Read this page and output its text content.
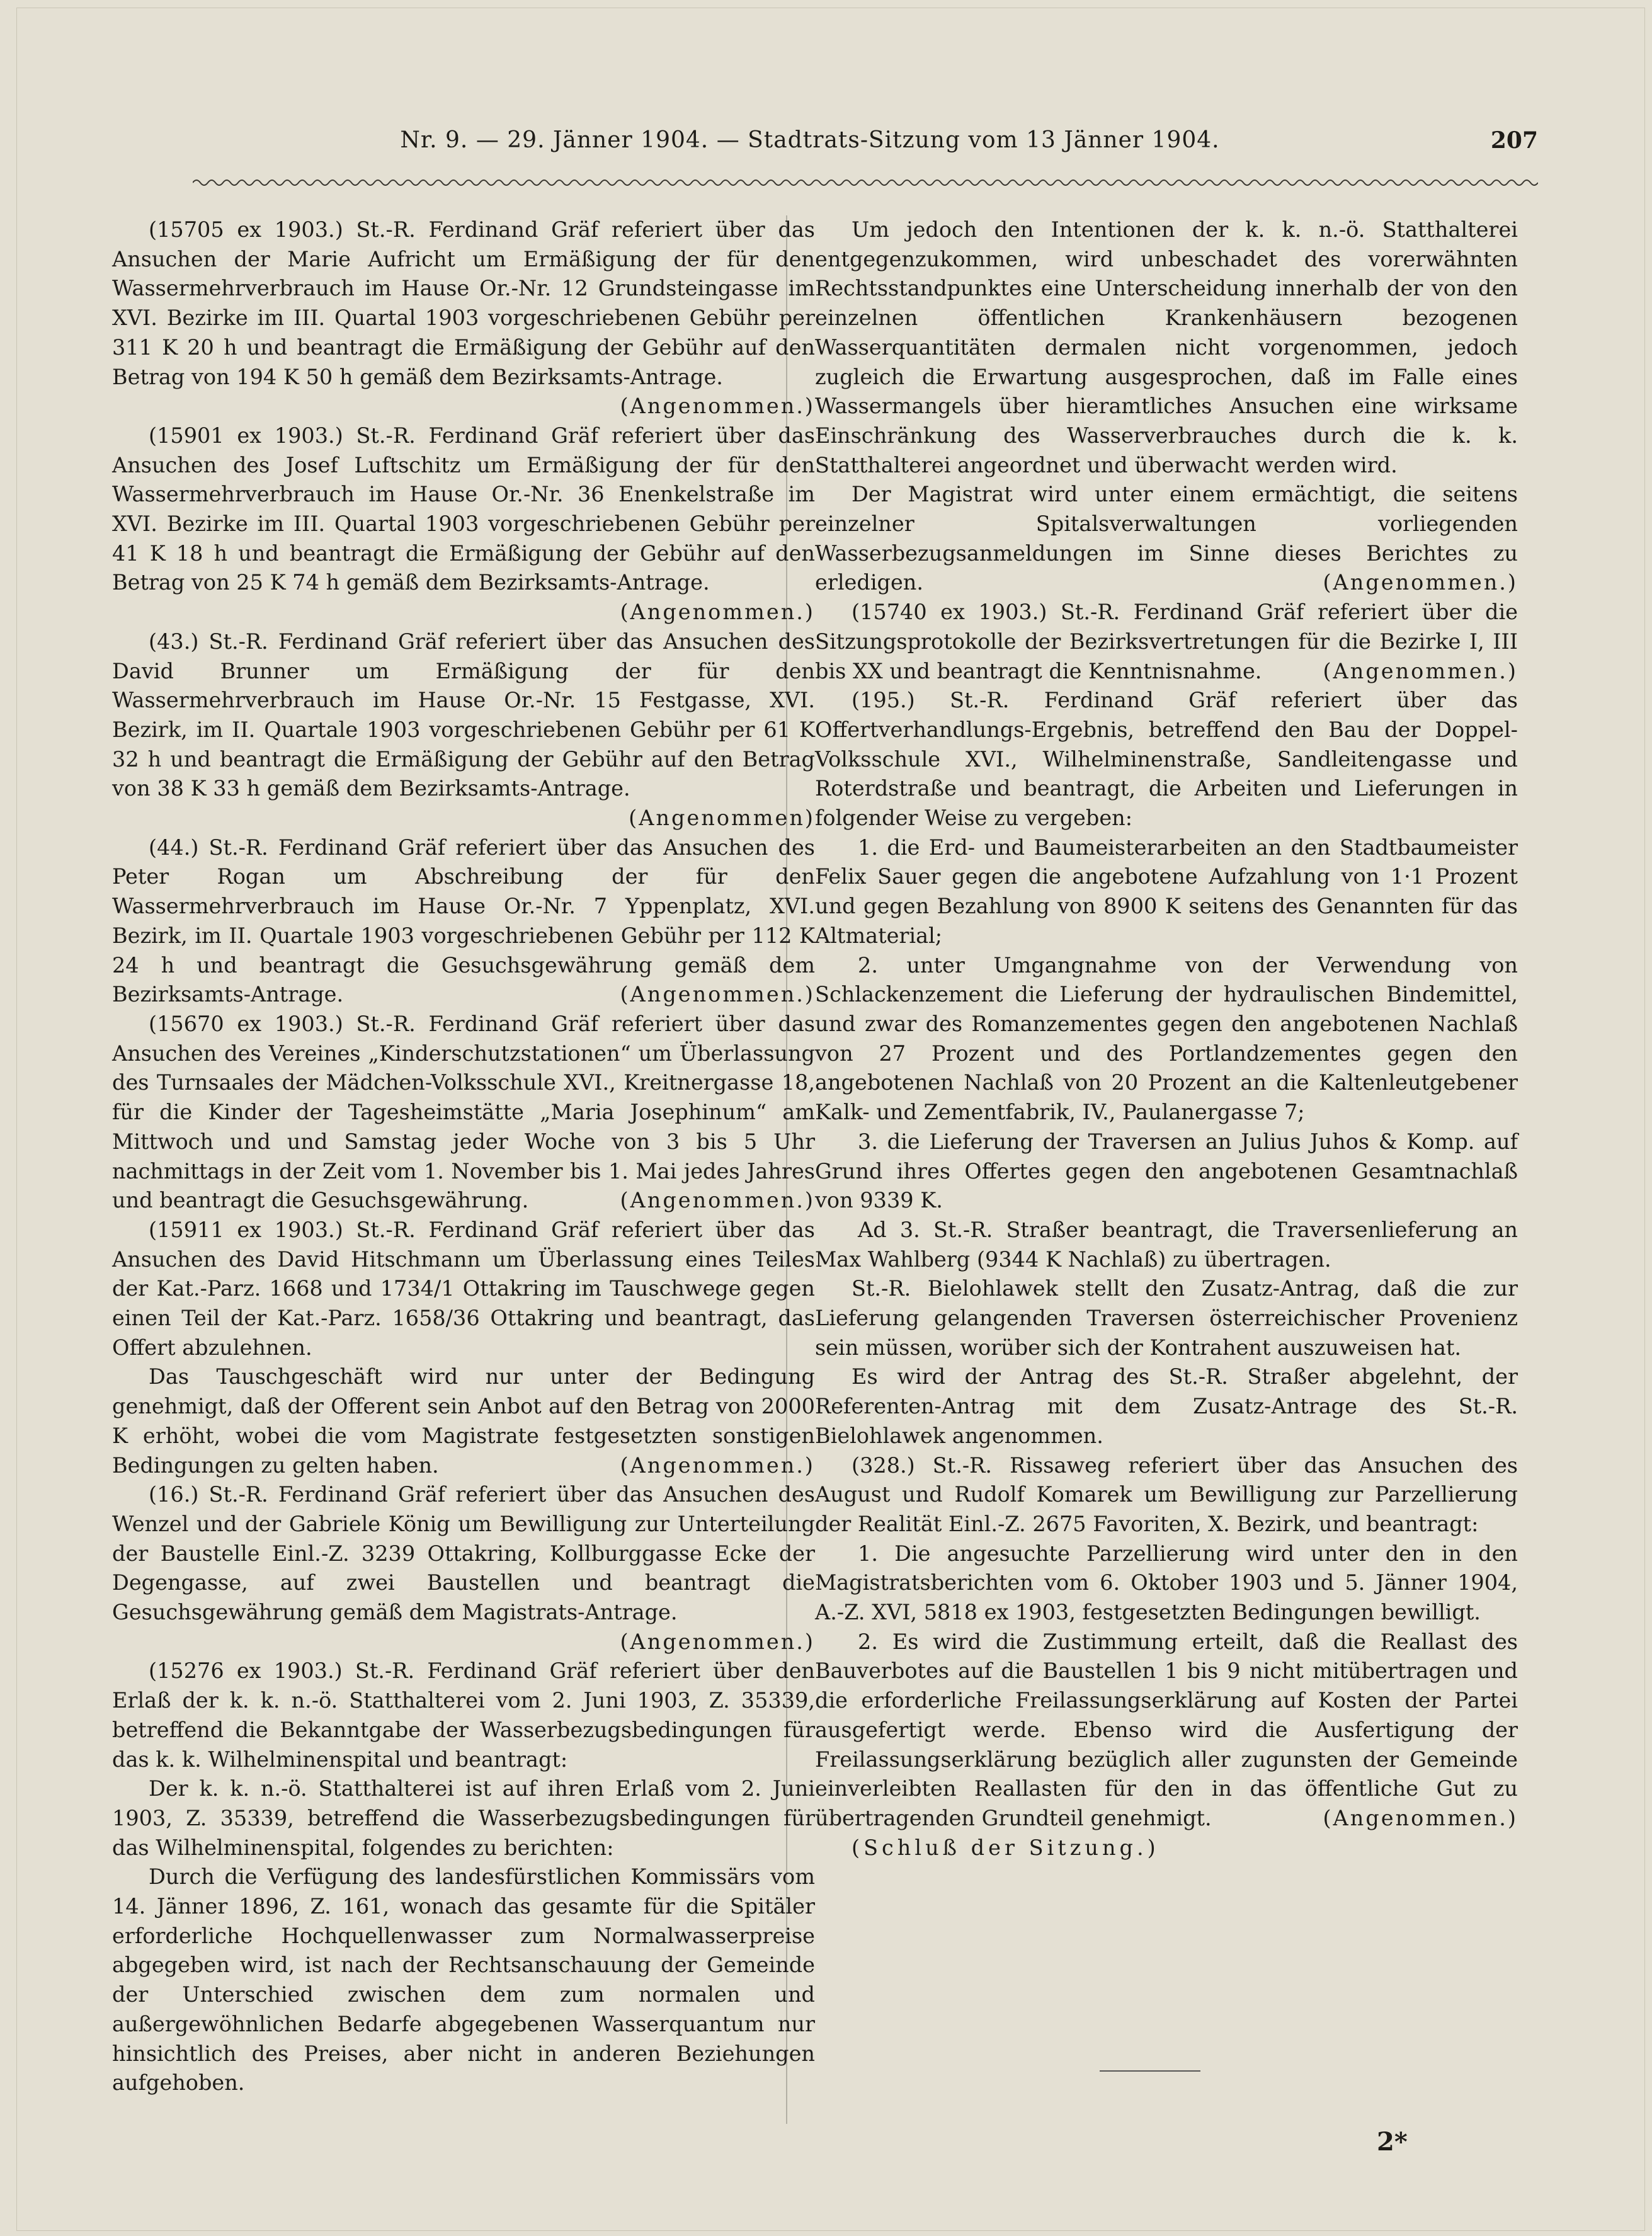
Nr. 9. — 29. Jänner 1904. — Stadtrats-Sitzung vom 13 Jänner 1904.	207

(15705 ex 1903.) St.-R. Ferdinand Gräf referiert über das Ansuchen der Marie Aufricht um Ermäßigung der für den Wassermehrverbrauch im Hause Or.-Nr. 12 Grundsteingasse im XVI. Bezirke im III. Quartal 1903 vorgeschriebenen Gebühr per 311 K 20 h und beantragt die Ermäßigung der Gebühr auf den Betrag von 194 K 50 h gemäß dem Bezirksamts-Antrage.
(Angenommen.)

(15901 ex 1903.) St.-R. Ferdinand Gräf referiert über das Ansuchen des Josef Luftschitz um Ermäßigung der für den Wassermehrverbrauch im Hause Or.-Nr. 36 Enenkelstraße im XVI. Bezirke im III. Quartal 1903 vorgeschriebenen Gebühr per 41 K 18 h und beantragt die Ermäßigung der Gebühr auf den Betrag von 25 K 74 h gemäß dem Bezirksamts-Antrage.
(Angenommen.)

(43.) St.-R. Ferdinand Gräf referiert über das Ansuchen des David Brunner um Ermäßigung der für den Wassermehrverbrauch im Hause Or.-Nr. 15 Festgasse, XVI. Bezirk, im II. Quartale 1903 vorgeschriebenen Gebühr per 61 K 32 h und beantragt die Ermäßigung der Gebühr auf den Betrag von 38 K 33 h gemäß dem Bezirksamts-Antrage.
(Angenommen)

(44.) St.-R. Ferdinand Gräf referiert über das Ansuchen des Peter Rogan um Abschreibung der für den Wassermehrverbrauch im Hause Or.-Nr. 7 Yppenplatz, XVI. Bezirk, im II. Quartale 1903 vorgeschriebenen Gebühr per 112 K 24 h und beantragt die Gesuchsgewährung gemäß dem Bezirksamts-Antrage.	(Angenommen.)

(15670 ex 1903.) St.-R. Ferdinand Gräf referiert über das Ansuchen des Vereines „Kinderschutzstationen“ um Überlassung des Turnsaales der Mädchen-Volksschule XVI., Kreitnergasse 18, für die Kinder der Tagesheimstätte „Maria Josephinum“ am Mittwoch und und Samstag jeder Woche von 3 bis 5 Uhr nachmittags in der Zeit vom 1. November bis 1. Mai jedes Jahres und beantragt die Gesuchsgewährung.	(Angenommen.)

(15911 ex 1903.) St.-R. Ferdinand Gräf referiert über das Ansuchen des David Hitschmann um Überlassung eines Teiles der Kat.-Parz. 1668 und 1734/1 Ottakring im Tauschwege gegen einen Teil der Kat.-Parz. 1658/36 Ottakring und beantragt, das Offert abzulehnen.

Das Tauschgeschäft wird nur unter der Bedingung genehmigt, daß der Offerent sein Anbot auf den Betrag von 2000 K erhöht, wobei die vom Magistrate festgesetzten sonstigen Bedingungen zu gelten haben.	(Angenommen.)

(16.) St.-R. Ferdinand Gräf referiert über das Ansuchen des Wenzel und der Gabriele König um Bewilligung zur Unterteilung der Baustelle Einl.-Z. 3239 Ottakring, Kollburggasse Ecke der Degengasse, auf zwei Baustellen und beantragt die Gesuchsgewährung gemäß dem Magistrats-Antrage.
(Angenommen.)

(15276 ex 1903.) St.-R. Ferdinand Gräf referiert über den Erlaß der k. k. n.-ö. Statthalterei vom 2. Juni 1903, Z. 35339, betreffend die Bekanntgabe der Wasserbezugsbedingungen für das k. k. Wilhelminenspital und beantragt:

Der k. k. n.-ö. Statthalterei ist auf ihren Erlaß vom 2. Juni 1903, Z. 35339, betreffend die Wasserbezugsbedingungen für das Wilhelminenspital, folgendes zu berichten:

Durch die Verfügung des landesfürstlichen Kommissärs vom 14. Jänner 1896, Z. 161, wonach das gesamte für die Spitäler erforderliche Hochquellenwasser zum Normalwasserpreise abgegeben wird, ist nach der Rechtsanschauung der Gemeinde der Unterschied zwischen dem zum normalen und außergewöhnlichen Bedarfe abgegebenen Wasserquantum nur hinsichtlich des Preises, aber nicht in anderen Beziehungen aufgehoben.

Um jedoch den Intentionen der k. k. n.-ö. Statthalterei entgegenzukommen, wird unbeschadet des vorerwähnten Rechtsstandpunktes eine Unterscheidung innerhalb der von den einzelnen öffentlichen Krankenhäusern bezogenen Wasserquantitäten dermalen nicht vorgenommen, jedoch zugleich die Erwartung ausgesprochen, daß im Falle eines Wassermangels über hieramtliches Ansuchen eine wirksame Einschränkung des Wasserverbrauches durch die k. k. Statthalterei angeordnet und überwacht werden wird.

Der Magistrat wird unter einem ermächtigt, die seitens einzelner Spitalsverwaltungen vorliegenden Wasserbezugsanmeldungen im Sinne dieses Berichtes zu erledigen.	(Angenommen.)

(15740 ex 1903.) St.-R. Ferdinand Gräf referiert über die Sitzungsprotokolle der Bezirksvertretungen für die Bezirke I, III bis XX und beantragt die Kenntnisnahme.	(Angenommen.)

(195.) St.-R. Ferdinand Gräf referiert über das Offertverhandlungs-Ergebnis, betreffend den Bau der Doppel-Volksschule XVI., Wilhelminenstraße, Sandleitengasse und Roterdstraße und beantragt, die Arbeiten und Lieferungen in folgender Weise zu vergeben:

1. die Erd- und Baumeisterarbeiten an den Stadtbaumeister Felix Sauer gegen die angebotene Aufzahlung von 1·1 Prozent und gegen Bezahlung von 8900 K seitens des Genannten für das Altmaterial;

2. unter Umgangnahme von der Verwendung von Schlackenzement die Lieferung der hydraulischen Bindemittel, und zwar des Romanzementes gegen den angebotenen Nachlaß von 27 Prozent und des Portlandzementes gegen den angebotenen Nachlaß von 20 Prozent an die Kaltenleutgebener Kalk- und Zementfabrik, IV., Paulanergasse 7;

3. die Lieferung der Traversen an Julius Juhos & Komp. auf Grund ihres Offertes gegen den angebotenen Gesamtnachlaß von 9339 K.

Ad 3. St.-R. Straßer beantragt, die Traversenlieferung an Max Wahlberg (9344 K Nachlaß) zu übertragen.

St.-R. Bielohlawek stellt den Zusatz-Antrag, daß die zur Lieferung gelangenden Traversen österreichischer Provenienz sein müssen, worüber sich der Kontrahent auszuweisen hat.

Es wird der Antrag des St.-R. Straßer abgelehnt, der Referenten-Antrag mit dem Zusatz-Antrage des St.-R. Bielohlawek angenommen.

(328.) St.-R. Rissaweg referiert über das Ansuchen des August und Rudolf Komarek um Bewilligung zur Parzellierung der Realität Einl.-Z. 2675 Favoriten, X. Bezirk, und beantragt:

1. Die angesuchte Parzellierung wird unter den in den Magistratsberichten vom 6. Oktober 1903 und 5. Jänner 1904, A.-Z. XVI, 5818 ex 1903, festgesetzten Bedingungen bewilligt.

2. Es wird die Zustimmung erteilt, daß die Reallast des Bauverbotes auf die Baustellen 1 bis 9 nicht mitübertragen und die erforderliche Freilassungserklärung auf Kosten der Partei ausgefertigt werde. Ebenso wird die Ausfertigung der Freilassungserklärung bezüglich aller zugunsten der Gemeinde einverleibten Reallasten für den in das öffentliche Gut zu übertragenden Grundteil genehmigt.	(Angenommen.)

(Schluß der Sitzung.)

2*
